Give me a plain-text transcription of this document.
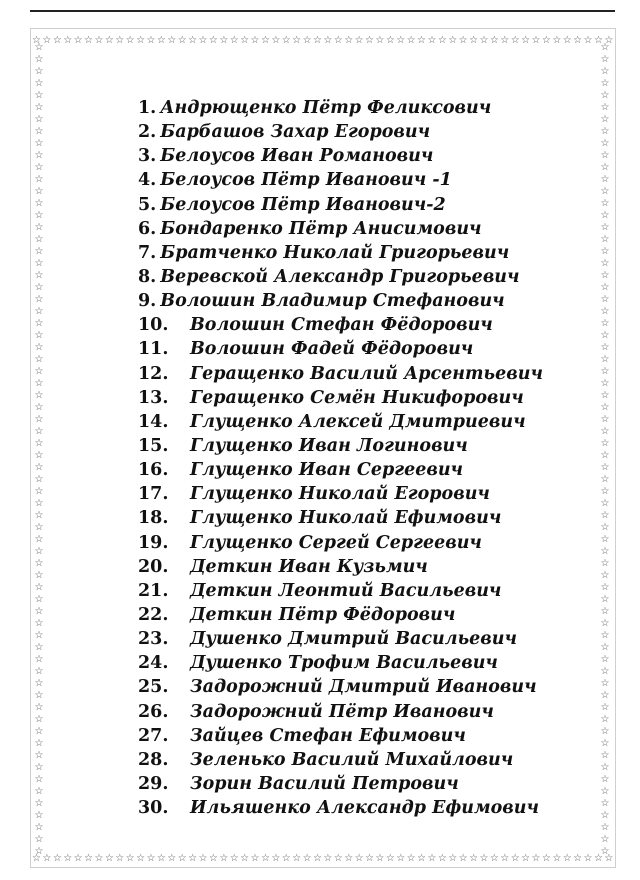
☆ ☆ ☆ ☆ ☆ ☆ ☆ ☆ ☆ ☆ ☆ ☆ ☆ ☆ ☆ ☆ ☆ ☆ ☆ ☆ ☆ ☆ ☆ ☆ ☆ ☆ ☆ ☆ ☆ ☆ ☆ ☆ ☆ ☆ ☆ ☆ ☆ ☆ ☆ ☆ ☆ ☆ ☆ ☆ ☆ ☆ ☆ ☆ ☆ ☆ ☆ ☆ ☆ ☆ ☆ ☆
☆ ☆ ☆ ☆ ☆ ☆ ☆ ☆ ☆ ☆ ☆ ☆ ☆ ☆ ☆ ☆ ☆ ☆ ☆ ☆ ☆ ☆ ☆ ☆ ☆ ☆ ☆ ☆ ☆ ☆ ☆ ☆ ☆ ☆ ☆ ☆ ☆ ☆ ☆ ☆ ☆ ☆ ☆ ☆ ☆ ☆ ☆ ☆ ☆ ☆ ☆ ☆ ☆ ☆ ☆ ☆
☆
☆
☆
☆
☆
☆
☆
☆
☆
☆
☆
☆
☆
☆
☆
☆
☆
☆
☆
☆
☆
☆
☆
☆
☆
☆
☆
☆
☆
☆
☆
☆
☆
☆
☆
☆
☆
☆
☆
☆
☆
☆
☆
☆
☆
☆
☆
☆
☆
☆
☆
☆
☆
☆
☆
☆
☆
☆
☆
☆
☆
☆
☆
☆
☆
☆
☆
☆
☆
☆
☆
☆
☆
☆
☆
☆
☆
☆
☆
☆
☆
☆
☆
☆
☆
☆
☆
☆
☆
☆
☆
☆
☆
☆
☆
☆
☆
☆
☆
☆
☆
☆
☆
☆
☆
☆
☆
☆
☆
☆
☆
☆
☆
☆
☆
☆
☆
☆
☆
☆
☆
☆
☆
☆
☆
☆
☆
☆
☆
☆
☆
☆
☆
☆
☆
☆
1. Андрющенко Пётр Феликсович
2. Барбашов Захар Егорович
3. Белоусов Иван Романович
4. Белоусов Пётр Иванович -1
5. Белоусов Пётр Иванович-2
6. Бондаренко Пётр Анисимович
7. Братченко Николай Григорьевич
8. Веревской Александр Григорьевич
9. Волошин Владимир Стефанович
10. Волошин Стефан Фёдорович
11. Волошин Фадей Фёдорович
12. Геращенко Василий Арсентьевич
13. Геращенко Семён Никифорович
14. Глущенко Алексей Дмитриевич
15. Глущенко Иван Логинович
16. Глущенко Иван Сергеевич
17. Глущенко Николай Егорович
18. Глущенко Николай Ефимович
19. Глущенко Сергей Сергеевич
20. Деткин Иван Кузьмич
21. Деткин Леонтий Васильевич
22. Деткин Пётр Фёдорович
23. Душенко Дмитрий Васильевич
24. Душенко Трофим Васильевич
25. Задорожний Дмитрий Иванович
26. Задорожний Пётр Иванович
27. Зайцев Стефан Ефимович
28. Зеленько Василий Михайлович
29. Зорин Василий Петрович
30. Ильяшенко Александр Ефимович
